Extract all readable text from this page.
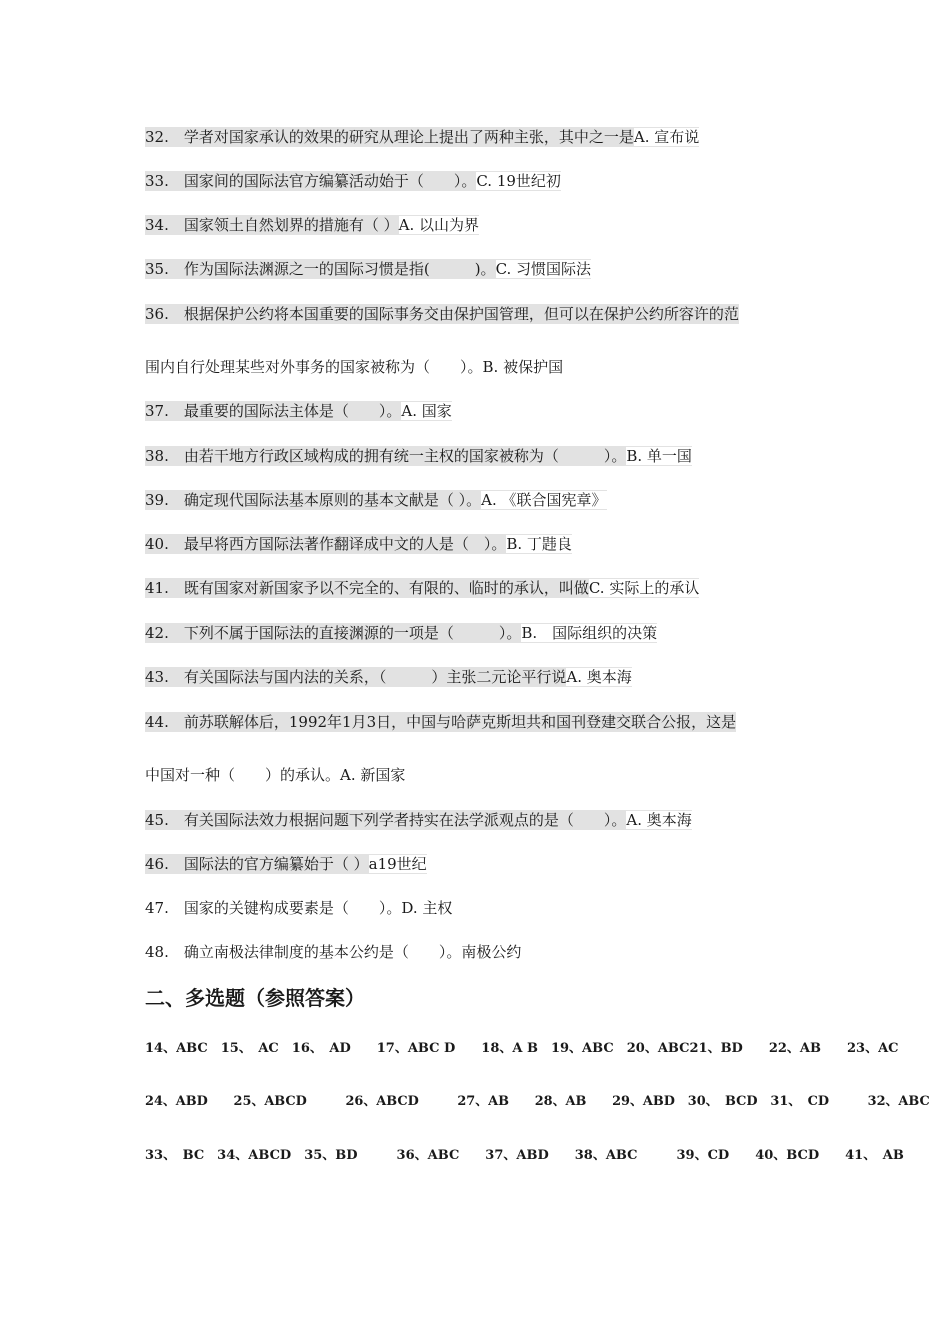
32.　学者对国家承认的效果的研究从理论上提出了两种主张，其中之一是A. 宣布说
33.　国家间的国际法官方编纂活动始于（　　）。C. 19世纪初
34.　国家领土自然划界的措施有（ ）A. 以山为界
35.　作为国际法渊源之一的国际习惯是指(　　　)。C. 习惯国际法
36.　根据保护公约将本国重要的国际事务交由保护国管理，但可以在保护公约所容许的范
围内自行处理某些对外事务的国家被称为（　　）。B. 被保护国
37.　最重要的国际法主体是（　　）。A. 国家
38.　由若干地方行政区域构成的拥有统一主权的国家被称为（　　　）。B. 单一国
39.　确定现代国际法基本原则的基本文献是（ ）。A. 《联合国宪章》
40.　最早将西方国际法著作翻译成中文的人是（　）。B. 丁韪良
41.　既有国家对新国家予以不完全的、有限的、临时的承认，叫做C. 实际上的承认
42.　下列不属于国际法的直接渊源的一项是（　　　）。B.　国际组织的决策
43.　有关国际法与国内法的关系，（　　　）主张二元论平行说A. 奥本海
44.　前苏联解体后，1992年1月3日，中国与哈萨克斯坦共和国刊登建交联合公报，这是
中国对一种（　　）的承认。A. 新国家
45.　有关国际法效力根据问题下列学者持实在法学派观点的是（　　）。A. 奥本海
46.　国际法的官方编纂始于（ ）a19世纪
47.　国家的关键构成要素是（　　）。D. 主权
48.　确立南极法律制度的基本公约是（　　）。南极公约
二、多选题（参照答案）
14、ABC　15、　AC　16、　AD　　17、ABC D　　18、A B　19、ABC　20、ABC21、BD　　22、AB　　23、AC
24、ABD　　25、ABCD　　　26、ABCD　　　27、AB　　28、AB　　29、ABD　30、　BCD　31、　CD　　　32、ABC
33、　BC　34、ABCD　35、BD　　　36、ABC　　37、ABD　　38、ABC　　　39、CD　　40、BCD　　41、　AB
